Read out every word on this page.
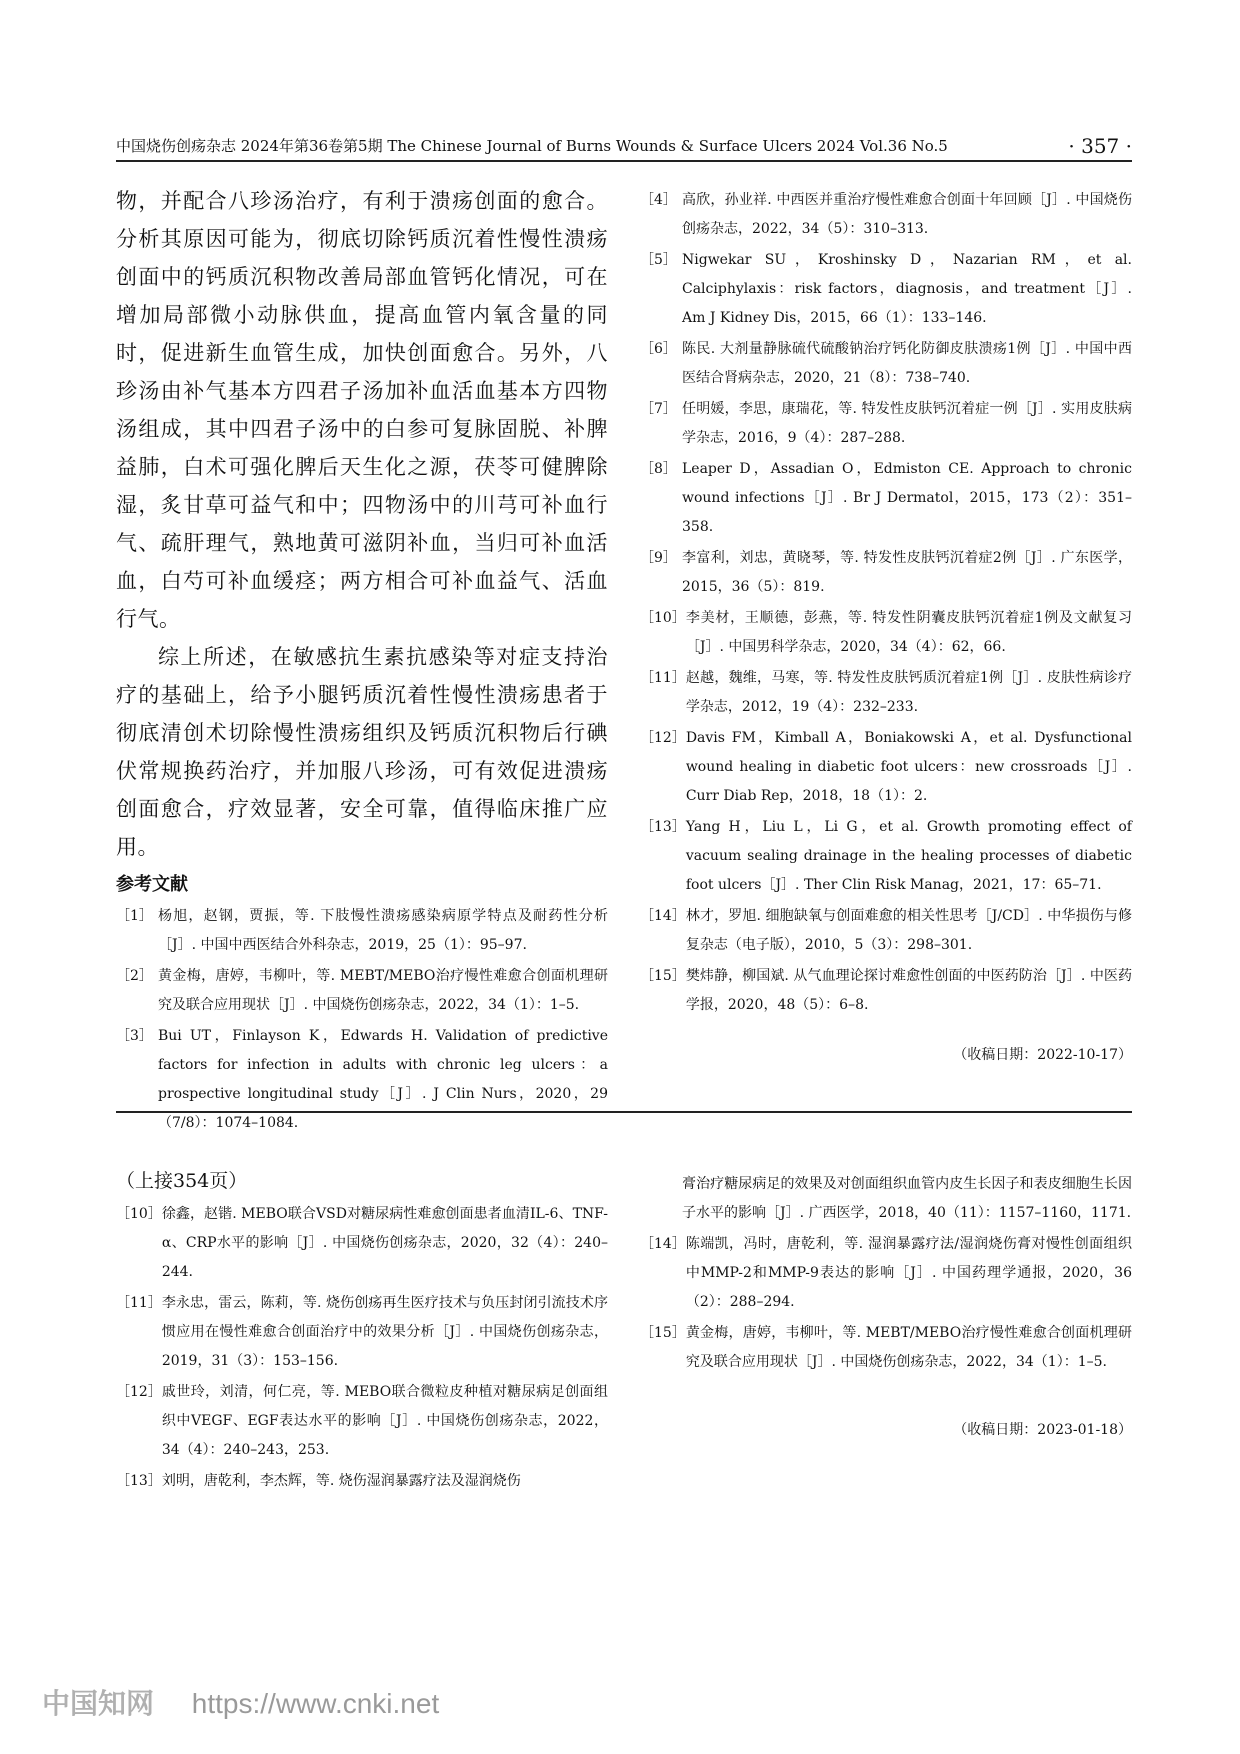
中国烧伤创疡杂志 2024年第36卷第5期 The Chinese Journal of Burns Wounds & Surface Ulcers 2024 Vol.36 No.5	· 357 ·

物，并配合八珍汤治疗，有利于溃疡创面的愈合。分析其原因可能为，彻底切除钙质沉着性慢性溃疡创面中的钙质沉积物改善局部血管钙化情况，可在增加局部微小动脉供血，提高血管内氧含量的同时，促进新生血管生成，加快创面愈合。另外，八珍汤由补气基本方四君子汤加补血活血基本方四物汤组成，其中四君子汤中的白参可复脉固脱、补脾益肺，白术可强化脾后天生化之源，茯苓可健脾除湿，炙甘草可益气和中；四物汤中的川芎可补血行气、疏肝理气，熟地黄可滋阴补血，当归可补血活血，白芍可补血缓痉；两方相合可补血益气、活血行气。

综上所述，在敏感抗生素抗感染等对症支持治疗的基础上，给予小腿钙质沉着性慢性溃疡患者于彻底清创术切除慢性溃疡组织及钙质沉积物后行碘伏常规换药治疗，并加服八珍汤，可有效促进溃疡创面愈合，疗效显著，安全可靠，值得临床推广应用。

参考文献
［1］ 杨旭，赵钢，贾振，等. 下肢慢性溃疡感染病原学特点及耐药性分析［J］. 中国中西医结合外科杂志，2019，25（1）：95–97.
［2］ 黄金梅，唐婷，韦柳叶，等. MEBT/MEBO治疗慢性难愈合创面机理研究及联合应用现状［J］. 中国烧伤创疡杂志，2022，34（1）：1–5.
［3］ Bui UT，Finlayson K，Edwards H. Validation of predictive factors for infection in adults with chronic leg ulcers：a prospective longitudinal study［J］. J Clin Nurs，2020，29（7/8）：1074–1084.
［4］ 高欣，孙业祥. 中西医并重治疗慢性难愈合创面十年回顾［J］. 中国烧伤创疡杂志，2022，34（5）：310–313.
［5］ Nigwekar SU，Kroshinsky D，Nazarian RM，et al. Calciphylaxis：risk factors，diagnosis，and treatment［J］. Am J Kidney Dis，2015，66（1）：133–146.
［6］ 陈民. 大剂量静脉硫代硫酸钠治疗钙化防御皮肤溃疡1例［J］. 中国中西医结合肾病杂志，2020，21（8）：738–740.
［7］ 任明媛，李思，康瑞花，等. 特发性皮肤钙沉着症一例［J］. 实用皮肤病学杂志，2016，9（4）：287–288.
［8］ Leaper D，Assadian O，Edmiston CE. Approach to chronic wound infections［J］. Br J Dermatol，2015，173（2）：351–358.
［9］ 李富利，刘忠，黄晓琴，等. 特发性皮肤钙沉着症2例［J］. 广东医学，2015，36（5）：819.
［10］ 李美材，王顺德，彭燕，等. 特发性阴囊皮肤钙沉着症1例及文献复习［J］. 中国男科学杂志，2020，34（4）：62，66.
［11］ 赵越，魏维，马寒，等. 特发性皮肤钙质沉着症1例［J］. 皮肤性病诊疗学杂志，2012，19（4）：232–233.
［12］ Davis FM，Kimball A，Boniakowski A，et al. Dysfunctional wound healing in diabetic foot ulcers：new crossroads［J］. Curr Diab Rep，2018，18（1）：2.
［13］ Yang H，Liu L，Li G，et al. Growth promoting effect of vacuum sealing drainage in the healing processes of diabetic foot ulcers［J］. Ther Clin Risk Manag，2021，17：65–71.
［14］ 林才，罗旭. 细胞缺氧与创面难愈的相关性思考［J/CD］. 中华损伤与修复杂志（电子版），2010，5（3）：298–301.
［15］ 樊炜静，柳国斌. 从气血理论探讨难愈性创面的中医药防治［J］. 中医药学报，2020，48（5）：6–8.
（收稿日期：2022-10-17）
（上接354页）
［10］ 徐鑫，赵锴. MEBO联合VSD对糖尿病性难愈创面患者血清IL-6、TNF-α、CRP水平的影响［J］. 中国烧伤创疡杂志，2020，32（4）：240–244.
［11］ 李永忠，雷云，陈莉，等. 烧伤创疡再生医疗技术与负压封闭引流技术序惯应用在慢性难愈合创面治疗中的效果分析［J］. 中国烧伤创疡杂志，2019，31（3）：153–156.
［12］ 戚世玲，刘清，何仁亮，等. MEBO联合微粒皮种植对糖尿病足创面组织中VEGF、EGF表达水平的影响［J］. 中国烧伤创疡杂志，2022，34（4）：240–243，253.
［13］ 刘明，唐乾利，李杰辉，等. 烧伤湿润暴露疗法及湿润烧伤
膏治疗糖尿病足的效果及对创面组织血管内皮生长因子和表皮细胞生长因子水平的影响［J］. 广西医学，2018，40（11）：1157–1160，1171.
［14］ 陈端凯，冯时，唐乾利，等. 湿润暴露疗法/湿润烧伤膏对慢性创面组织中MMP-2和MMP-9表达的影响［J］. 中国药理学通报，2020，36（2）：288–294.
［15］ 黄金梅，唐婷，韦柳叶，等. MEBT/MEBO治疗慢性难愈合创面机理研究及联合应用现状［J］. 中国烧伤创疡杂志，2022，34（1）：1–5.
（收稿日期：2023-01-18）
中国知网 https://www.cnki.net
